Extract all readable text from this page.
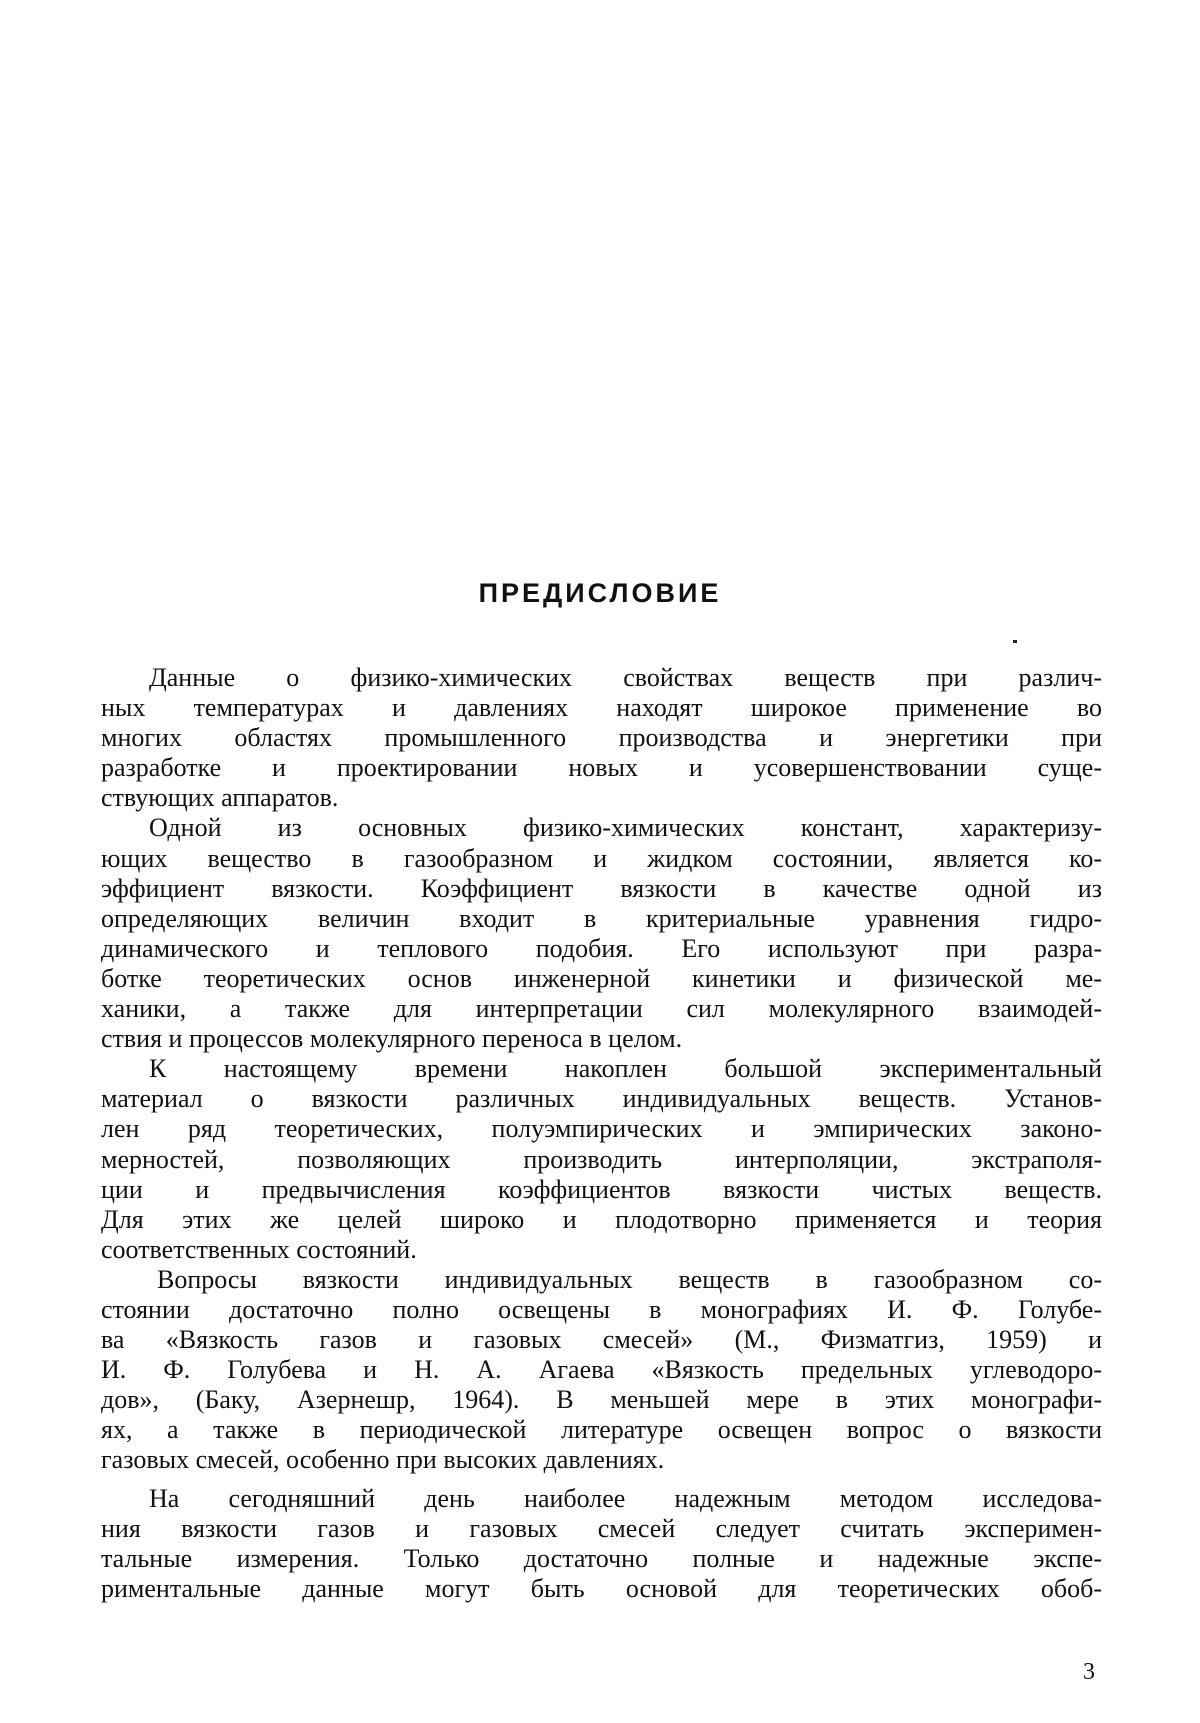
ПРЕДИСЛОВИЕ
Данные о физико-химических свойствах веществ при различ-
ных температурах и давлениях находят широкое применение во
многих областях промышленного производства и энергетики при
разработке и проектировании новых и усовершенствовании суще-
ствующих аппаратов.
Одной из основных физико-химических констант, характеризу-
ющих вещество в газообразном и жидком состоянии, является ко-
эффициент вязкости. Коэффициент вязкости в качестве одной из
определяющих величин входит в критериальные уравнения гидро-
динамического и теплового подобия. Его используют при разра-
ботке теоретических основ инженерной кинетики и физической ме-
ханики, а также для интерпретации сил молекулярного взаимодей-
ствия и процессов молекулярного переноса в целом.
К настоящему времени накоплен большой экспериментальный
материал о вязкости различных индивидуальных веществ. Установ-
лен ряд теоретических, полуэмпирических и эмпирических законо-
мерностей, позволяющих производить интерполяции, экстраполя-
ции и предвычисления коэффициентов вязкости чистых веществ.
Для этих же целей широко и плодотворно применяется и теория
соответственных состояний.
Вопросы вязкости индивидуальных веществ в газообразном со-
стоянии достаточно полно освещены в монографиях И. Ф. Голубе-
ва «Вязкость газов и газовых смесей» (М., Физматгиз, 1959) и
И. Ф. Голубева и Н. А. Агаева «Вязкость предельных углеводоро-
дов», (Баку, Азернешр, 1964). В меньшей мере в этих монографи-
ях, а также в периодической литературе освещен вопрос о вязкости
газовых смесей, особенно при высоких давлениях.
На сегодняшний день наиболее надежным методом исследова-
ния вязкости газов и газовых смесей следует считать эксперимен-
тальные измерения. Только достаточно полные и надежные экспе-
риментальные данные могут быть основой для теоретических обоб-
3
